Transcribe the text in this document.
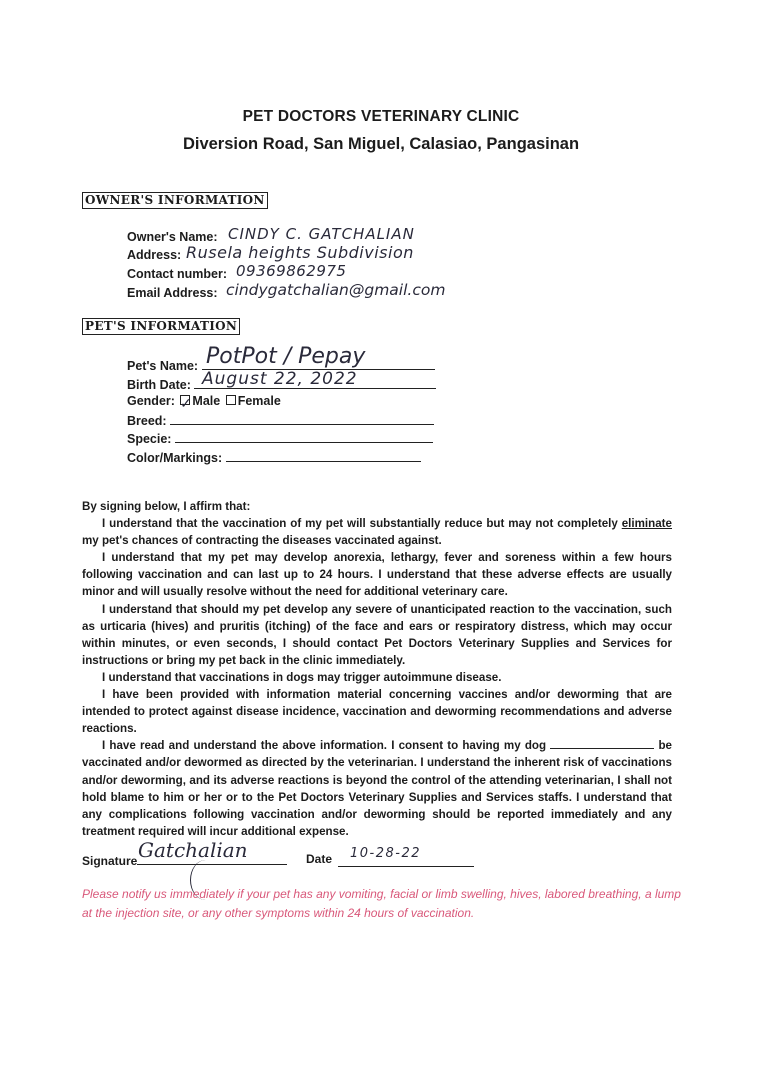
PET DOCTORS VETERINARY CLINIC
Diversion Road, San Miguel, Calasiao, Pangasinan
OWNER'S INFORMATION
Owner's Name: CINDY C. GATCHALIAN
Address: Rusela heights Subdivision
Contact number: 09369862975
Email Address: cindygatchalian@gmail.com
PET'S INFORMATION
Pet's Name: PotPot / Pepay
Birth Date: August 22, 2022
Gender: Male Female
✓
Breed:
Specie:
Color/Markings:

By signing below, I affirm that:

I understand that the vaccination of my pet will substantially reduce but may not completely eliminate my pet's chances of contracting the diseases vaccinated against.

I understand that my pet may develop anorexia, lethargy, fever and soreness within a few hours following vaccination and can last up to 24 hours. I understand that these adverse effects are usually minor and will usually resolve without the need for additional veterinary care.

I understand that should my pet develop any severe of unanticipated reaction to the vaccination, such as urticaria (hives) and pruritis (itching) of the face and ears or respiratory distress, which may occur within minutes, or even seconds, I should contact Pet Doctors Veterinary Supplies and Services for instructions or bring my pet back in the clinic immediately.

I understand that vaccinations in dogs may trigger autoimmune disease.

I have been provided with information material concerning vaccines and/or deworming that are intended to protect against disease incidence, vaccination and deworming recommendations and adverse reactions.

I have read and understand the above information. I consent to having my dog	be vaccinated and/or dewormed as directed by the veterinarian. I understand the inherent risk of vaccinations and/or deworming, and its adverse reactions is beyond the control of the attending veterinarian, I shall not hold blame to him or her or to the Pet Doctors Veterinary Supplies and Services staffs. I understand that any complications following vaccination and/or deworming should be reported immediately and any treatment required will incur additional expense.

Signature Gatchalian	Date 10-28-22
Please notify us immediately if your pet has any vomiting, facial or limb swelling, hives, labored breathing, a lump at the injection site, or any other symptoms within 24 hours of vaccination.
